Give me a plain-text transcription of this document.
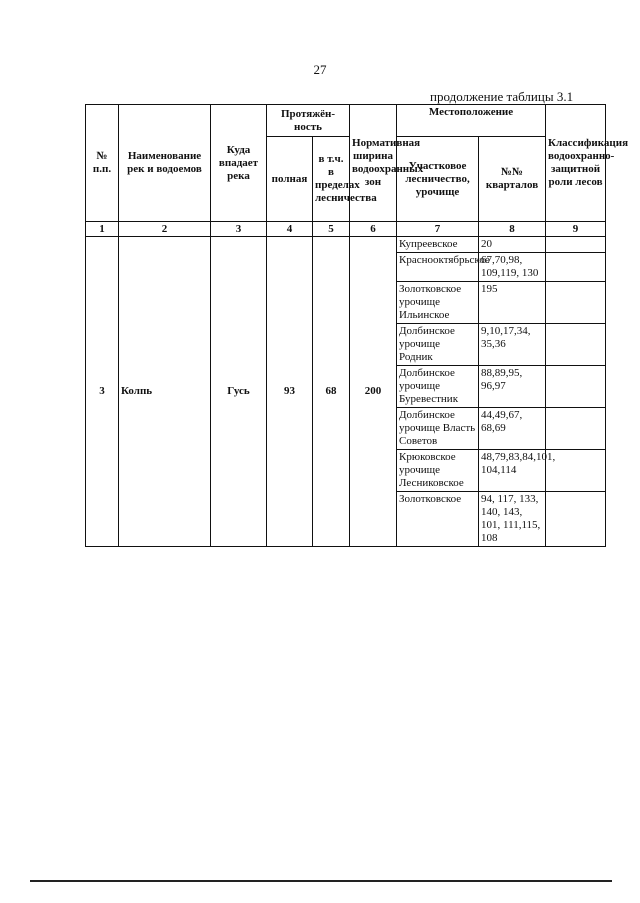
27
продолжение таблицы 3.1
№ п.п.	Наименование рек и водоемов	Куда впадает река	Протяжён-ность		Нормативная ширина водоохранных зон	Местоположение		Классификация водоохранно-защитной роли лесов
			полная	в т.ч. в пределах лесничества		Участковое лесничество, урочище	№№ кварталов	
1	2	3	4	5	6	7	8	9
3	Колпь	Гусь	93	68	200	Купреевское	20	
						Краснооктябрьское	67,70,98, 109,119, 130	
						Золотковское урочище Ильинское	195	
						Долбинское урочище Родник	9,10,17,34, 35,36	
						Долбинское урочище Буревестник	88,89,95, 96,97	
						Долбинское урочище Власть Советов	44,49,67, 68,69	
						Крюковское урочище Лесниковское	48,79,83,84,101, 104,114	
						Золотковское	94, 117, 133, 140, 143, 101, 111,115, 108	
